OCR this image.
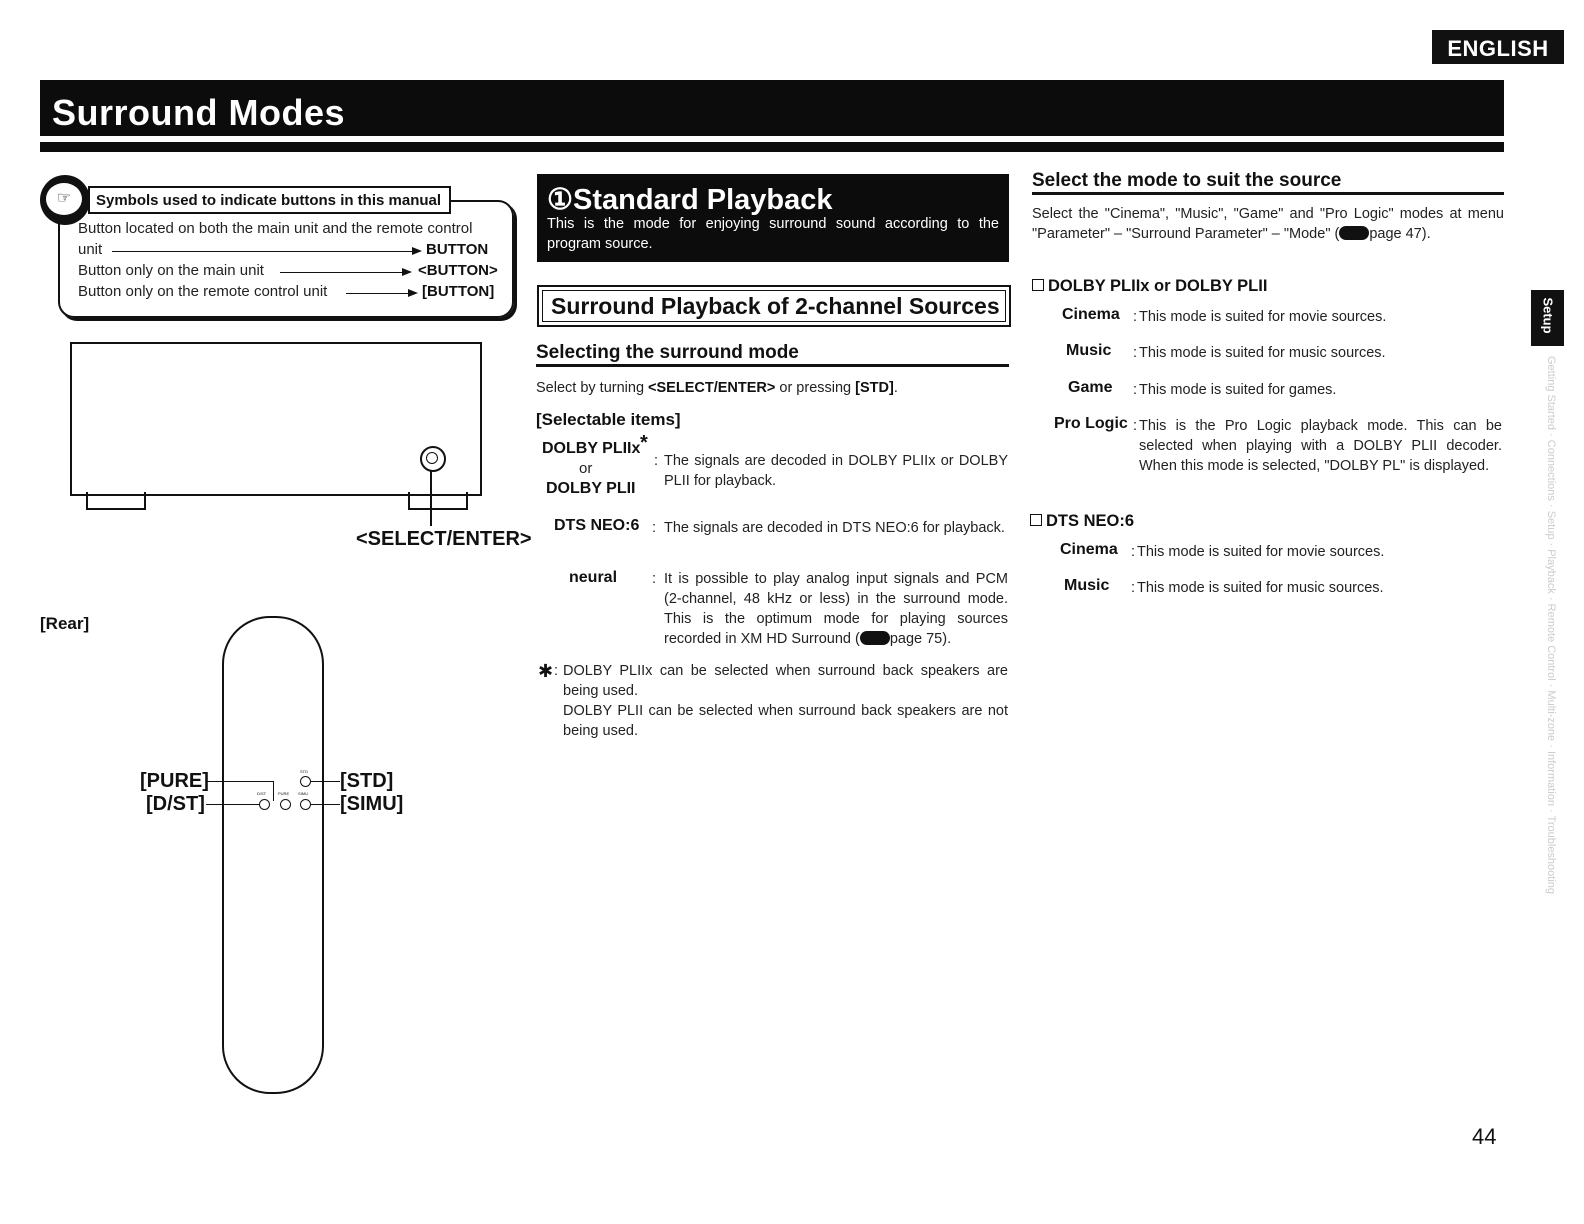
ENGLISH
Surround Modes
Setup
Getting Started · Connections · Setup · Playback · Remote Control · Multi-zone · Information · Troubleshooting
Symbols used to indicate buttons in this manual
☞
Button located on both the main unit and the remote control
unit	BUTTON
Button only on the main unit	<BUTTON>
Button only on the remote control unit	[BUTTON]
<SELECT/ENTER>
[Rear]
[PURE]
[D/ST]
[STD]
[SIMU]
D/ST	PURE SIMU
STD
①Standard Playback
This is the mode for enjoying surround sound according to the program source.
Surround Playback of 2-channel Sources
Selecting the surround mode
Select by turning <SELECT/ENTER> or pressing [STD].
[Selectable items]
DOLBY PLIIx *
or
DOLBY PLII
: The signals are decoded in DOLBY PLIIx or DOLBY PLII for playback.
DTS NEO:6 : The signals are decoded in DTS NEO:6 for playback.
neural : It is possible to play analog input signals and PCM (2-channel, 48 kHz or less) in the surround mode. This is the optimum mode for playing sources recorded in XM HD Surround ( page 75).
✱ : DOLBY PLIIx can be selected when surround back speakers are being used.
DOLBY PLII can be selected when surround back speakers are not being used.
Select the mode to suit the source
Select the "Cinema", "Music", "Game" and "Pro Logic" modes at menu "Parameter" – "Surround Parameter" – "Mode" ( page 47).
DOLBY PLIIx or DOLBY PLII
Cinema : This mode is suited for movie sources.
Music : This mode is suited for music sources.
Game : This mode is suited for games.
Pro Logic : This is the Pro Logic playback mode. This can be selected when playing with a DOLBY PLII decoder. When this mode is selected, "DOLBY PL" is displayed.
DTS NEO:6
Cinema : This mode is suited for movie sources.
Music : This mode is suited for music sources.
44
